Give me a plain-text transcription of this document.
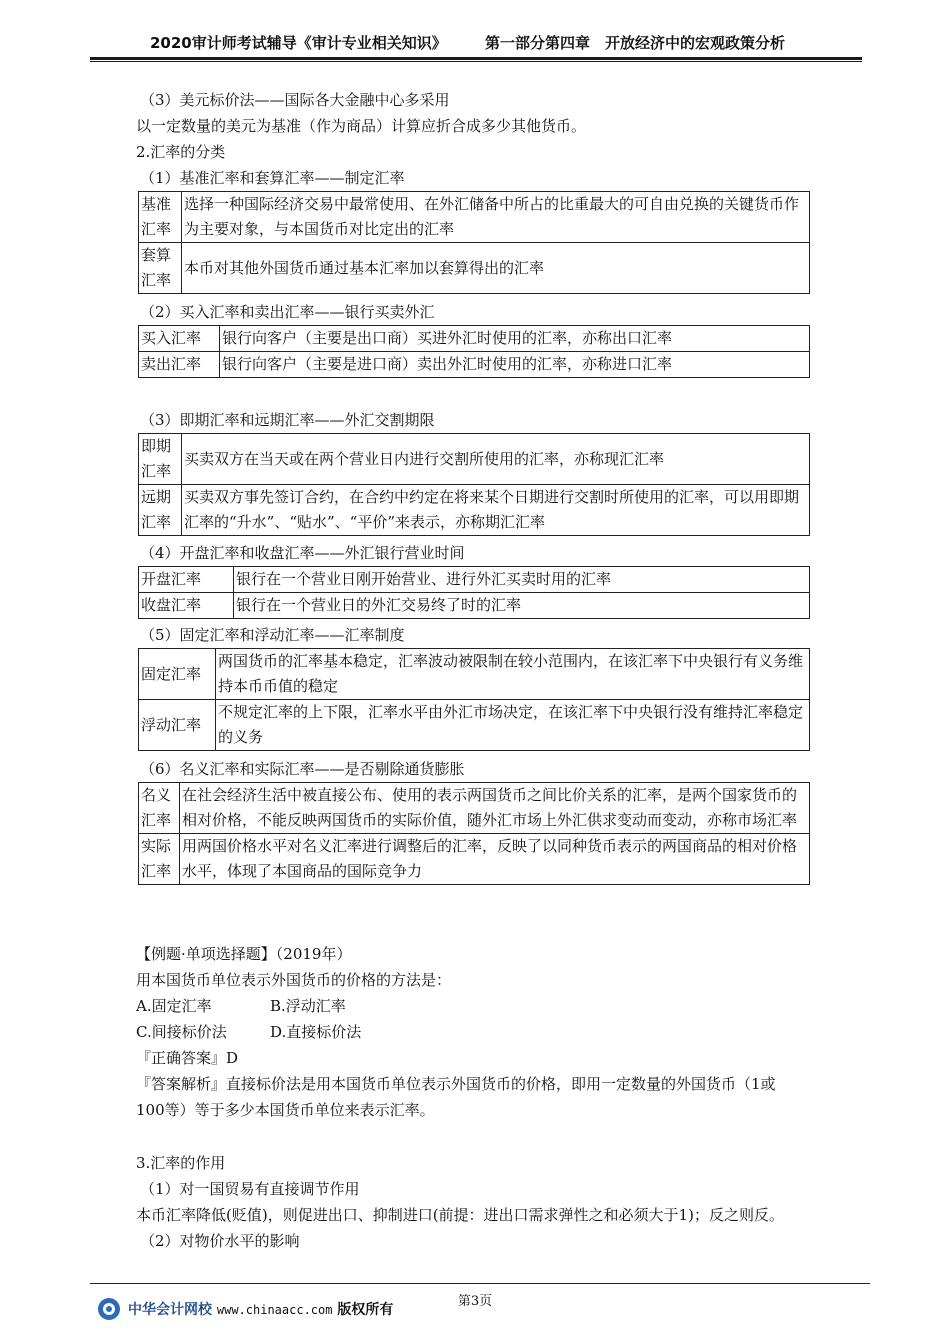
2020审计师考试辅导《审计专业相关知识》	第一部分第四章　开放经济中的宏观政策分析
（3）美元标价法——国际各大金融中心多采用
以一定数量的美元为基准（作为商品）计算应折合成多少其他货币。
2.汇率的分类
（1）基准汇率和套算汇率——制定汇率
基准
汇率	选择一种国际经济交易中最常使用、在外汇储备中所占的比重最大的可自由兑换的关键货币作为主要对象，与本国货币对比定出的汇率
套算
汇率	本币对其他外国货币通过基本汇率加以套算得出的汇率
（2）买入汇率和卖出汇率——银行买卖外汇
买入汇率	银行向客户（主要是出口商）买进外汇时使用的汇率，亦称出口汇率
卖出汇率	银行向客户（主要是进口商）卖出外汇时使用的汇率，亦称进口汇率
（3）即期汇率和远期汇率——外汇交割期限
即期
汇率	买卖双方在当天或在两个营业日内进行交割所使用的汇率，亦称现汇汇率
远期
汇率	买卖双方事先签订合约，在合约中约定在将来某个日期进行交割时所使用的汇率，可以用即期汇率的“升水”、“贴水”、“平价”来表示，亦称期汇汇率
（4）开盘汇率和收盘汇率——外汇银行营业时间
开盘汇率	银行在一个营业日刚开始营业、进行外汇买卖时用的汇率
收盘汇率	银行在一个营业日的外汇交易终了时的汇率
（5）固定汇率和浮动汇率——汇率制度
固定汇率	两国货币的汇率基本稳定，汇率波动被限制在较小范围内，在该汇率下中央银行有义务维持本币币值的稳定
浮动汇率	不规定汇率的上下限，汇率水平由外汇市场决定，在该汇率下中央银行没有维持汇率稳定的义务
（6）名义汇率和实际汇率——是否剔除通货膨胀
名义
汇率	在社会经济生活中被直接公布、使用的表示两国货币之间比价关系的汇率，是两个国家货币的相对价格，不能反映两国货币的实际价值，随外汇市场上外汇供求变动而变动，亦称市场汇率
实际
汇率	用两国价格水平对名义汇率进行调整后的汇率，反映了以同种货币表示的两国商品的相对价格水平，体现了本国商品的国际竞争力
【例题·单项选择题】（2019年）
用本国货币单位表示外国货币的价格的方法是：
A.固定汇率	B.浮动汇率
C.间接标价法	D.直接标价法
『正确答案』D
『答案解析』直接标价法是用本国货币单位表示外国货币的价格，即用一定数量的外国货币（1或
100等）等于多少本国货币单位来表示汇率。
3.汇率的作用
（1）对一国贸易有直接调节作用
本币汇率降低(贬值)，则促进出口、抑制进口(前提：进出口需求弹性之和必须大于1)；反之则反。
（2）对物价水平的影响
第3页
中华会计网校 www.chinaacc.com 版权所有
